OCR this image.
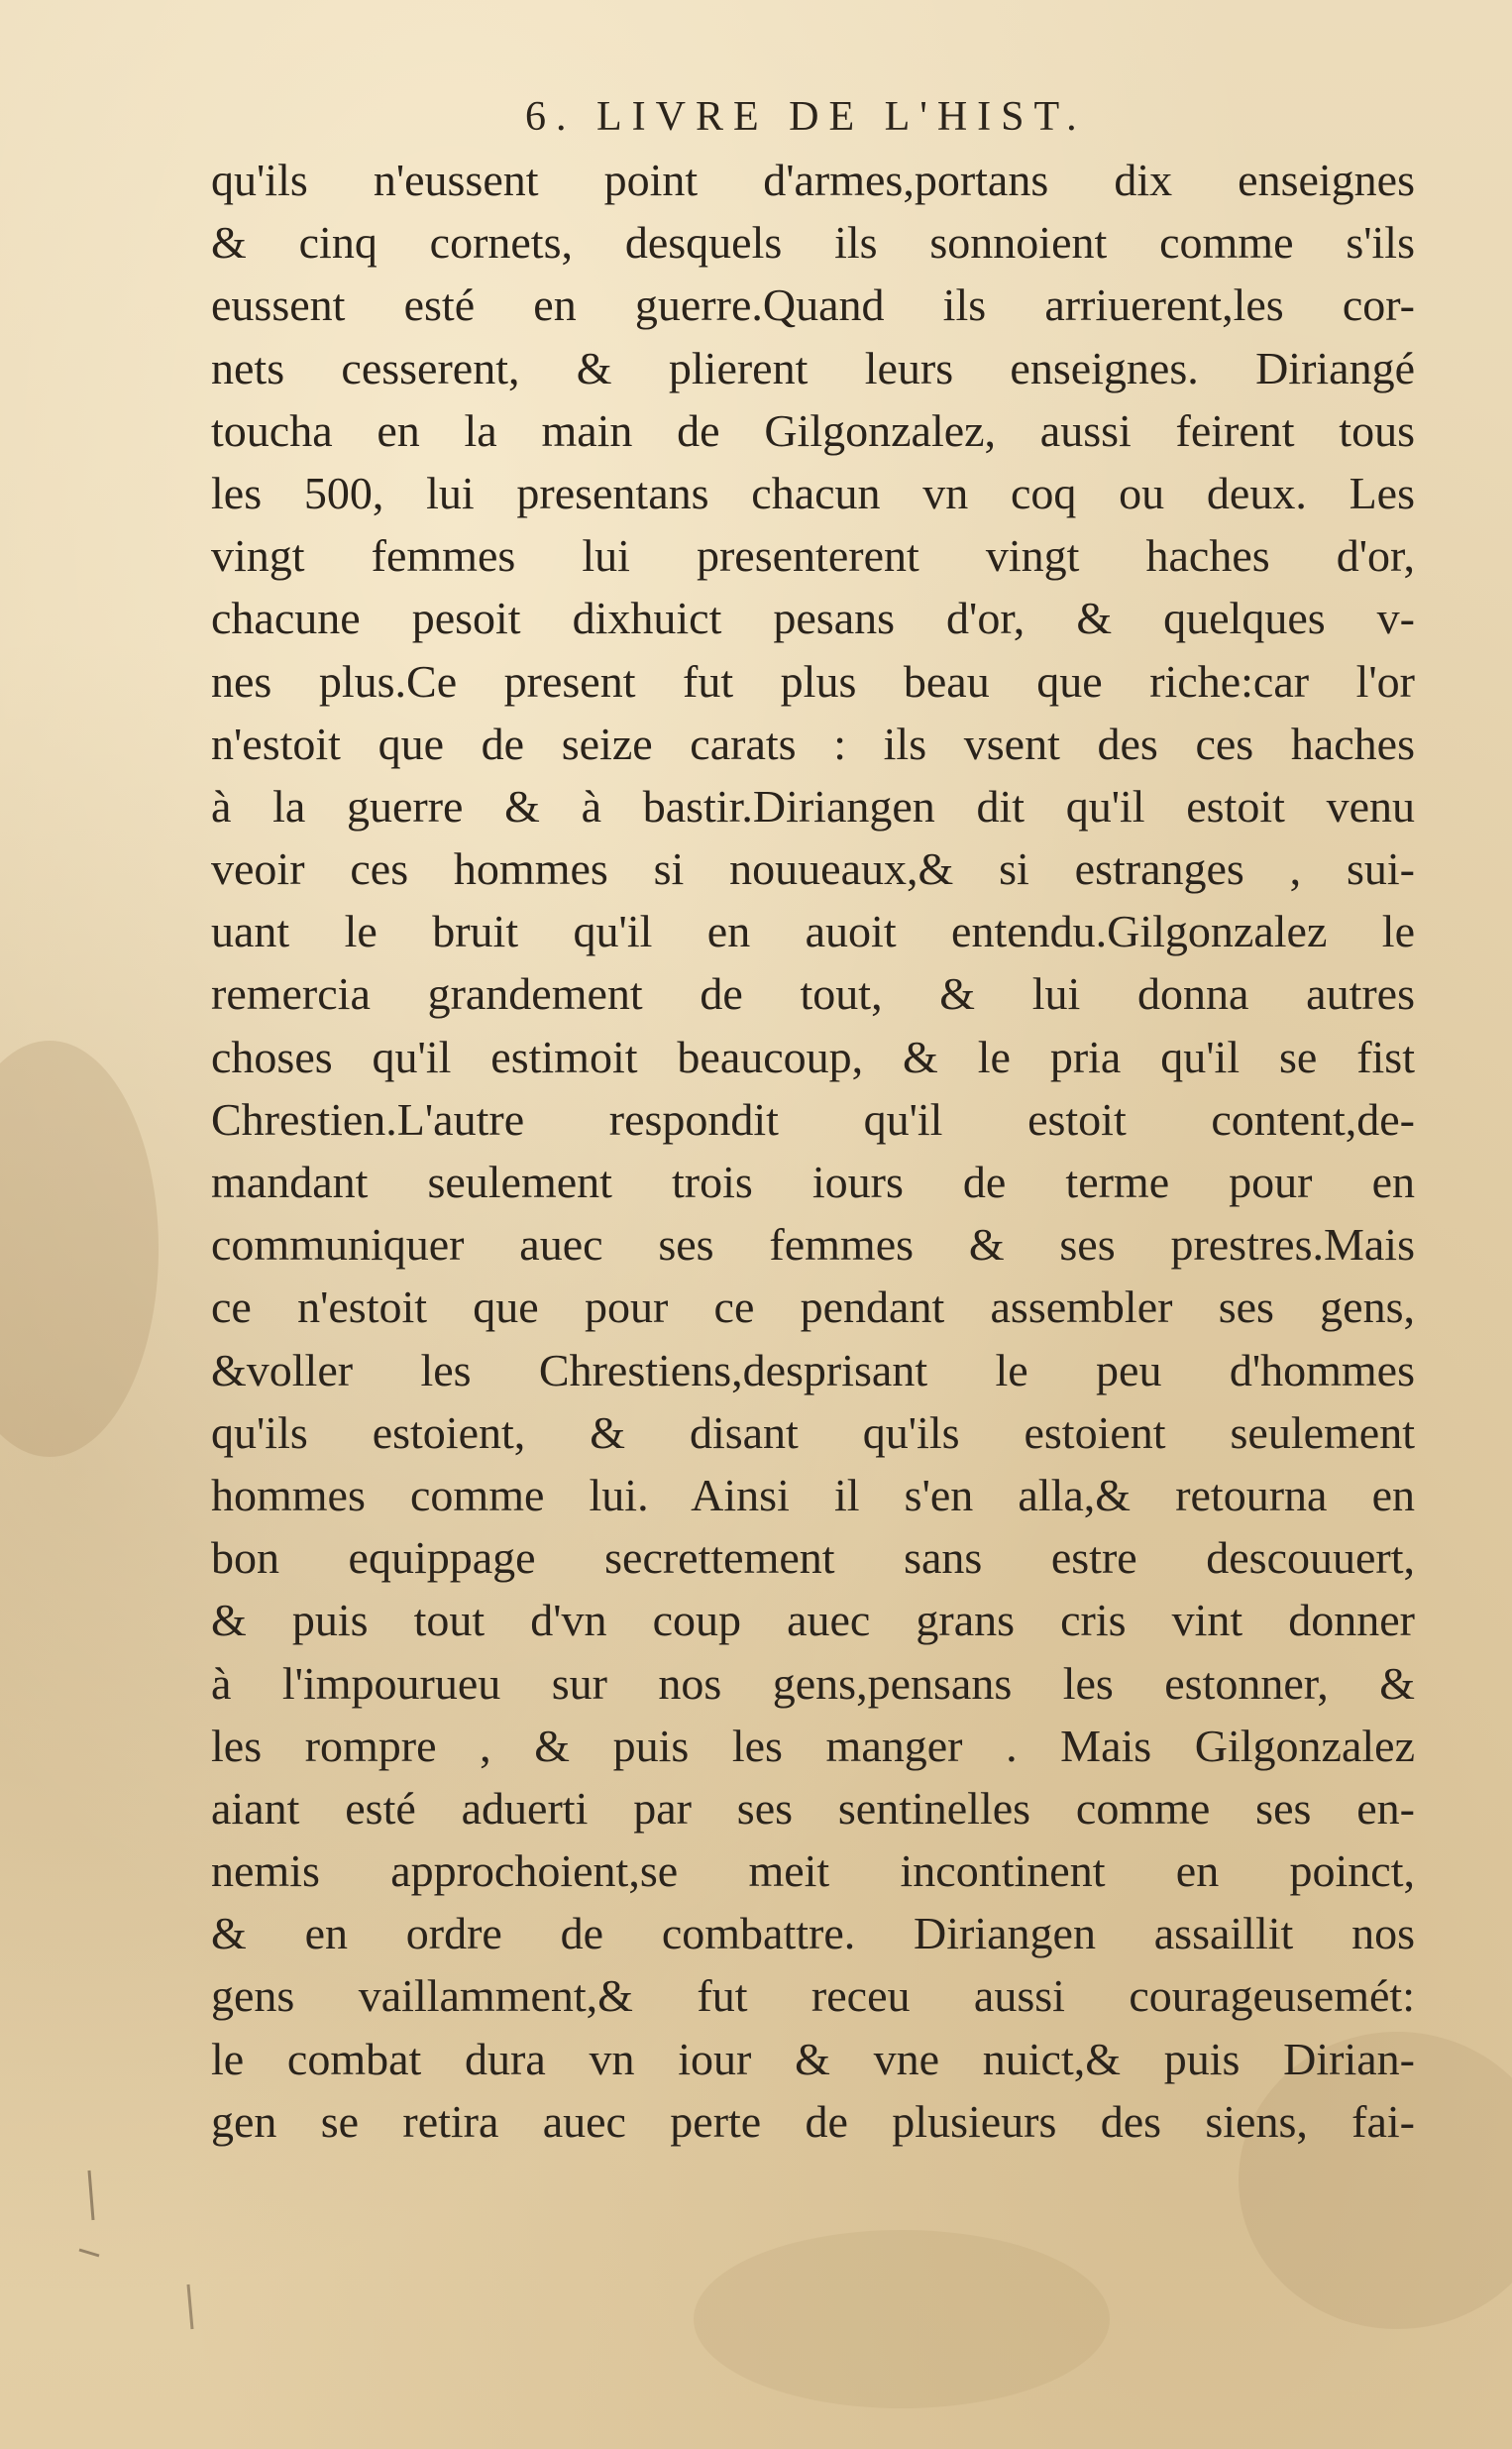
6. LIVRE DE L'HIST.
qu'ils n'eussent point d'armes,portans dix enseignes
& cinq cornets, desquels ils sonnoient comme s'ils
eussent esté en guerre.Quand ils arriuerent,les cor-
nets cesserent, & plierent leurs enseignes. Diriangé
toucha en la main de Gilgonzalez, aussi feirent tous
les 500, lui presentans chacun vn coq ou deux. Les
vingt femmes lui presenterent vingt haches d'or,
chacune pesoit dixhuict pesans d'or, & quelques v-
nes plus.Ce present fut plus beau que riche:car l'or
n'estoit que de seize carats : ils vsent des ces haches
à la guerre & à bastir.Diriangen dit qu'il estoit venu
veoir ces hommes si nouueaux,& si estranges , sui-
uant le bruit qu'il en auoit entendu.Gilgonzalez le
remercia grandement de tout, & lui donna autres
choses qu'il estimoit beaucoup, & le pria qu'il se fist
Chrestien.L'autre respondit qu'il estoit content,de-
mandant seulement trois iours de terme pour en
communiquer auec ses femmes & ses prestres.Mais
ce n'estoit que pour ce pendant assembler ses gens,
&voller les Chrestiens,desprisant le peu d'hommes
qu'ils estoient, & disant qu'ils estoient seulement
hommes comme lui. Ainsi il s'en alla,& retourna en
bon equippage secrettement sans estre descouuert,
& puis tout d'vn coup auec grans cris vint donner
à l'impourueu sur nos gens,pensans les estonner, &
les rompre , & puis les manger . Mais Gilgonzalez
aiant esté aduerti par ses sentinelles comme ses en-
nemis approchoient,se meit incontinent en poinct,
& en ordre de combattre. Diriangen assaillit nos
gens vaillamment,& fut receu aussi courageusemét:
le combat dura vn iour & vne nuict,& puis Dirian-
gen se retira auec perte de plusieurs des siens, fai-
